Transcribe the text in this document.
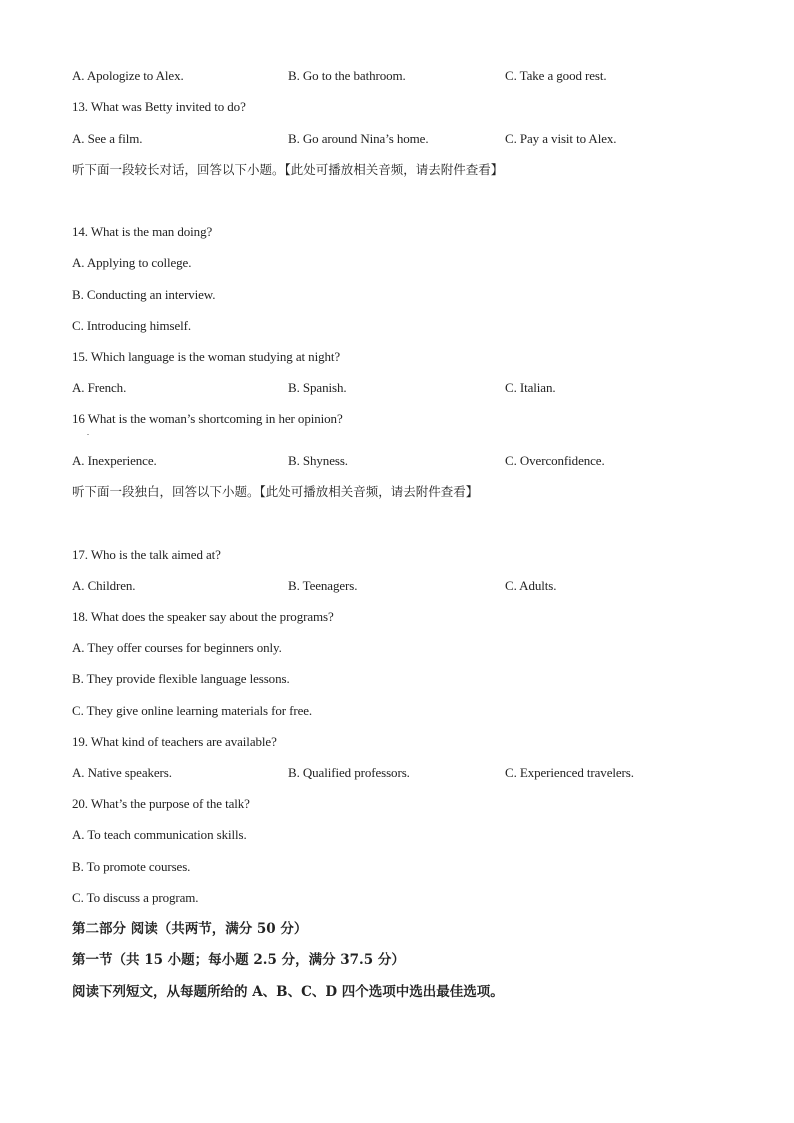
A. Apologize to Alex.	B. Go to the bathroom.	C. Take a good rest.
13. What was Betty invited to do?
A. See a film.	B. Go around Nina’s home.	C. Pay a visit to Alex.
听下面一段较长对话，回答以下小题。【此处可播放相关音频，请去附件查看】
14. What is the man doing?
A. Applying to college.
B. Conducting an interview.
C. Introducing himself.
15. Which language is the woman studying at night?
A. French.	B. Spanish.	C. Italian.
16 What is the woman’s shortcoming in her opinion?
.
A. Inexperience.	B. Shyness.	C. Overconfidence.
听下面一段独白，回答以下小题。【此处可播放相关音频，请去附件查看】
17. Who is the talk aimed at?
A. Children.	B. Teenagers.	C. Adults.
18. What does the speaker say about the programs?
A. They offer courses for beginners only.
B. They provide flexible language lessons.
C. They give online learning materials for free.
19. What kind of teachers are available?
A. Native speakers.	B. Qualified professors.	C. Experienced travelers.
20. What’s the purpose of the talk?
A. To teach communication skills.
B. To promote courses.
C. To discuss a program.
第二部分 阅读（共两节，满分 50 分）
第一节（共 15 小题；每小题 2.5 分，满分 37.5 分）
阅读下列短文，从每题所给的 A、B、C、D 四个选项中选出最佳选项。
